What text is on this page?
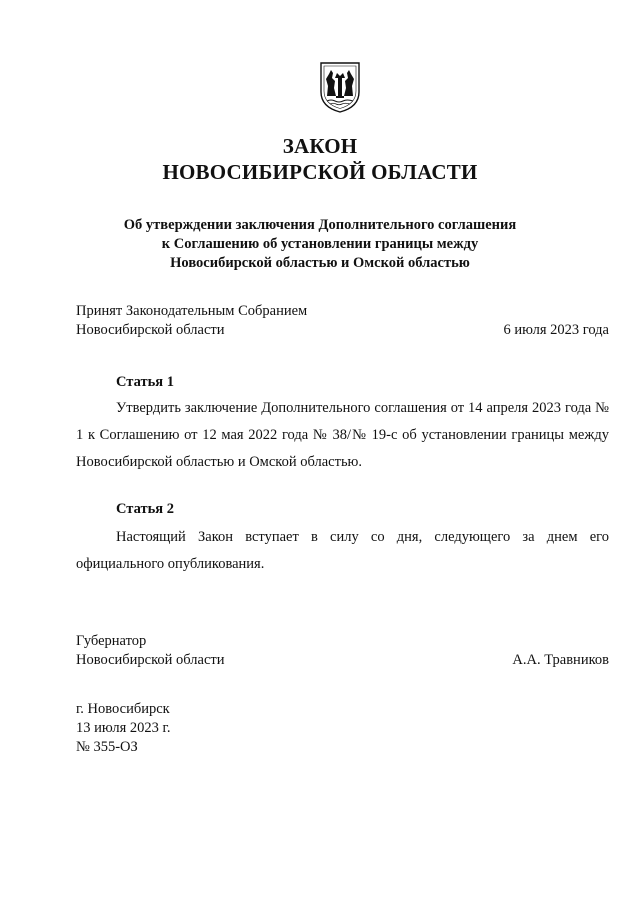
ЗАКОН
НОВОСИБИРСКОЙ ОБЛАСТИ
Об утверждении заключения Дополнительного соглашения
к Соглашению об установлении границы между
Новосибирской областью и Омской областью
Принят Законодательным Собранием
Новосибирской области	6 июля 2023 года
Статья 1
Утвердить заключение Дополнительного соглашения от 14 апреля 2023 года № 1 к Соглашению от 12 мая 2022 года № 38/№ 19-с об установлении границы между Новосибирской областью и Омской областью.
Статья 2
Настоящий Закон вступает в силу со дня, следующего за днем его официального опубликования.
Губернатор
Новосибирской области	А.А. Травников
г. Новосибирск
13 июля 2023 г.
№ 355-ОЗ
